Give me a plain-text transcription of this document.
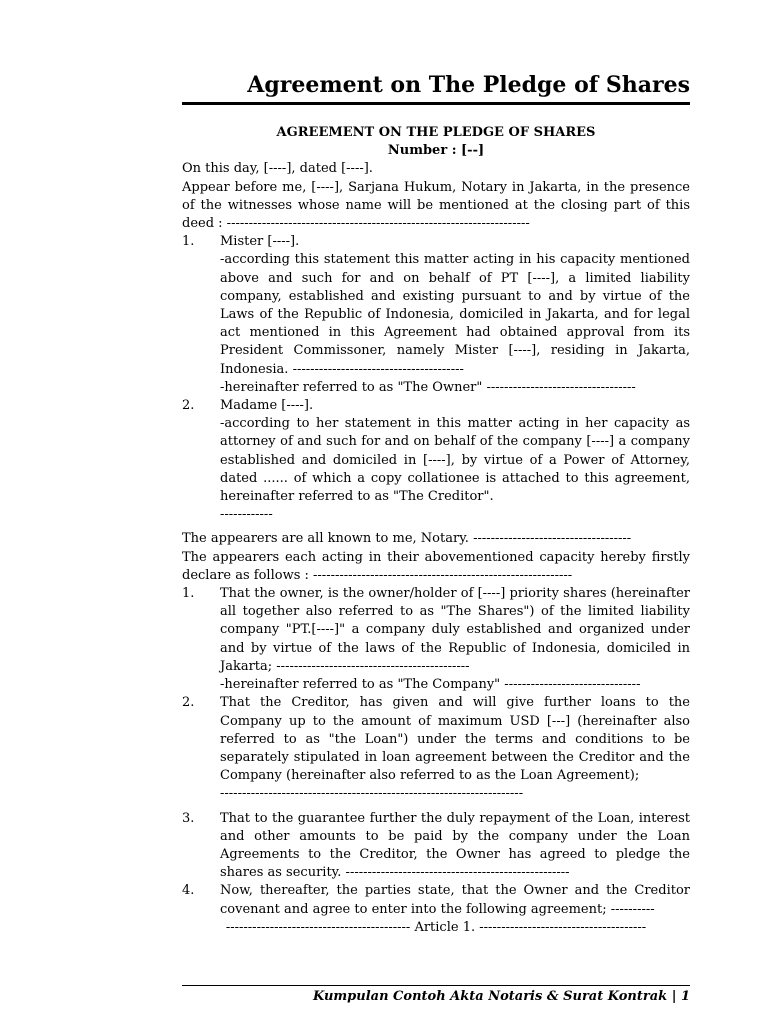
Agreement on The Pledge of Shares
AGREEMENT ON THE PLEDGE OF SHARES
Number : [--]

On this day, [----], dated [----].

Appear before me, [----], Sarjana Hukum, Notary in Jakarta, in the presence of the witnesses whose name will be mentioned at the closing part of this deed : ---------------------------------------------------------------------

1.	Mister [----].

-according this statement this matter acting in his capacity mentioned above and such for and on behalf of PT [----], a limited liability company, established and existing pursuant to and by virtue of the Laws of the Republic of Indonesia, domiciled in Jakarta, and for legal act mentioned in this Agreement had obtained approval from its President Commissoner, namely Mister [----], residing in Jakarta, Indonesia. ---------------------------------------

-hereinafter referred to as "The Owner" ----------------------------------

2.	Madame [----].

-according to her statement in this matter acting in her capacity as attorney of and such for and on behalf of the company [----] a company established and domiciled in [----], by virtue of a Power of Attorney, dated ...... of which a copy collationee is attached to this agreement, hereinafter referred to as "The Creditor".

------------

The appearers are all known to me, Notary. ------------------------------------

The appearers each acting in their abovementioned capacity hereby firstly declare as follows : -----------------------------------------------------------

1.	That the owner, is the owner/holder of [----] priority shares (hereinafter all together also referred to as "The Shares") of the limited liability company "PT.[----]" a company duly established and organized under and by virtue of the laws of the Republic of Indonesia, domiciled in Jakarta; --------------------------------------------

-hereinafter referred to as "The Company" -------------------------------

2.	That the Creditor, has given and will give further loans to the Company up to the amount of maximum USD [---] (hereinafter also referred to as "the Loan") under the terms and conditions to be separately stipulated in loan agreement between the Creditor and the Company (hereinafter also referred to as the Loan Agreement);

---------------------------------------------------------------------

3.	That to the guarantee further the duly repayment of the Loan, interest and other amounts to be paid by the company under the Loan Agreements to the Creditor, the Owner has agreed to pledge the shares as security. ---------------------------------------------------

4.	Now, thereafter, the parties state, that the Owner and the Creditor covenant and agree to enter into the following agreement; ----------

------------------------------------------ Article 1. --------------------------------------
Kumpulan Contoh Akta Notaris & Surat Kontrak | 1
